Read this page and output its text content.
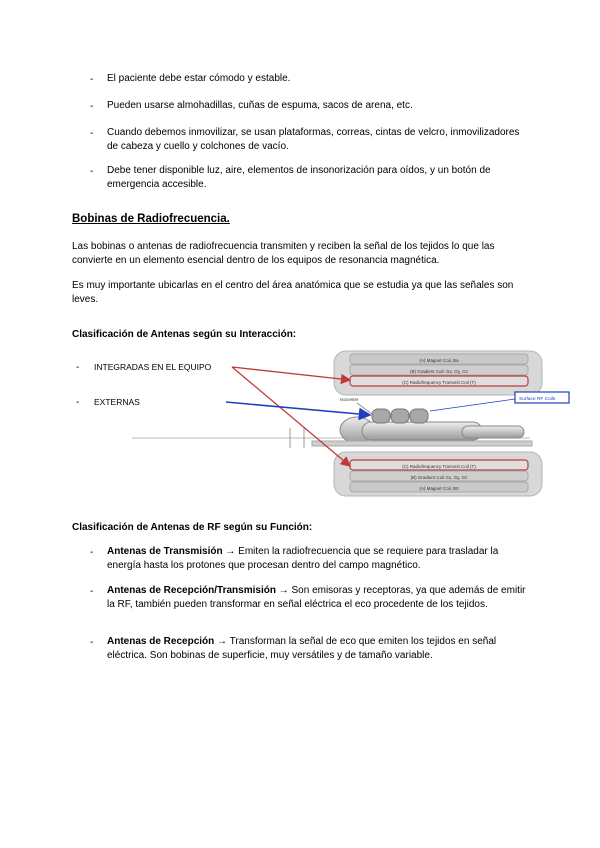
- El paciente debe estar cómodo y estable.
- Pueden usarse almohadillas, cuñas de espuma, sacos de arena, etc.
- Cuando debemos inmovilizar, se usan plataformas, correas, cintas de velcro, inmovilizadores de cabeza y cuello y colchones de vacío.
- Debe tener disponible luz, aire, elementos de insonorización para oídos, y un botón de emergencia accesible.
Bobinas de Radiofrecuencia.
Las bobinas o antenas de radiofrecuencia transmiten y reciben la señal de los tejidos lo que las convierte en un elemento esencial dentro de los equipos de resonancia magnética.
Es muy importante ubicarlas en el centro del área anatómica que se estudia ya que las señales son leves.
Clasificación de Antenas según su Interacción:
(A) Magnet Coil, Ba
(B) Gradient Coil: Gx, Gy, Gz
(C) Radiofrequency Transmit Coil (T)
Isocenter	Surface RF Coils
(C) Radiofrequency Transmit Coil (T)
(B) Gradient Coil Gx, Gy, Gz
(A) Magnet Coil, B0
- INTEGRADAS EN EL EQUIPO
- EXTERNAS
Clasificación de Antenas de RF según su Función:
- Antenas de Transmisión → Emiten la radiofrecuencia que se requiere para trasladar la energía hasta los protones que procesan dentro del campo magnético.
- Antenas de Recepción/Transmisión → Son emisoras y receptoras, ya que además de emitir la RF, también pueden transformar en señal eléctrica el eco procedente de los tejidos.
- Antenas de Recepción → Transforman la señal de eco que emiten los tejidos en señal eléctrica. Son bobinas de superficie, muy versátiles y de tamaño variable.
